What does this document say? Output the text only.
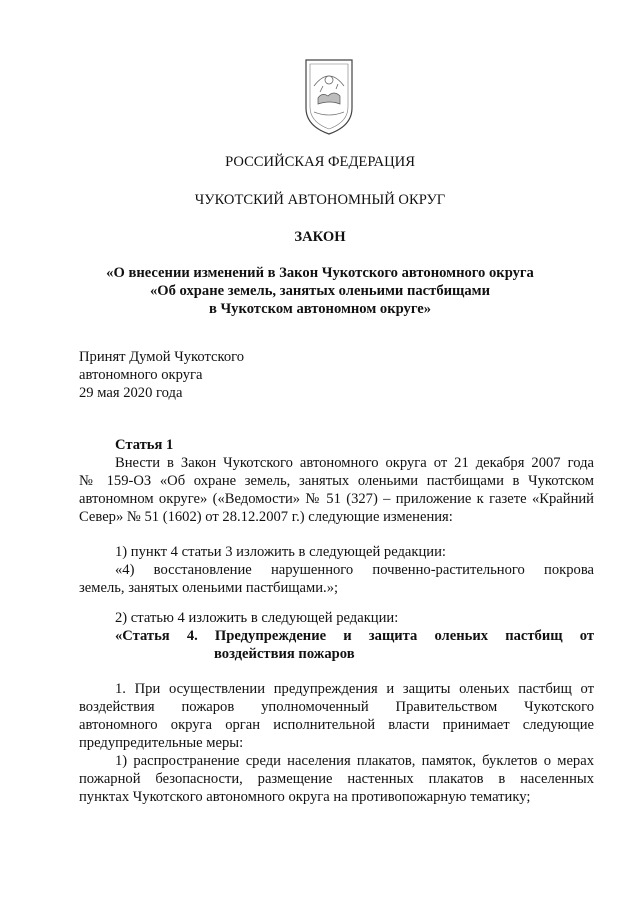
РОССИЙСКАЯ ФЕДЕРАЦИЯ
ЧУКОТСКИЙ АВТОНОМНЫЙ ОКРУГ
ЗАКОН
«О внесении изменений в Закон Чукотского автономного округа
«Об охране земель, занятых оленьими пастбищами
в Чукотском автономном округе»
Принят Думой Чукотского
автономного округа
29 мая 2020 года
Статья 1
Внести в Закон Чукотского автономного округа от 21 декабря 2007 года
№ 159-ОЗ «Об охране земель, занятых оленьими пастбищами в Чукотском
автономном округе» («Ведомости» № 51 (327) – приложение к газете «Крайний
Север» № 51 (1602) от 28.12.2007 г.) следующие изменения:
1) пункт 4 статьи 3 изложить в следующей редакции:
«4) восстановление нарушенного почвенно-растительного покрова
земель, занятых оленьими пастбищами.»;
2) статью 4 изложить в следующей редакции:
«Статья 4. Предупреждение и защита оленьих пастбищ от
воздействия пожаров
1. При осуществлении предупреждения и защиты оленьих пастбищ от
воздействия пожаров уполномоченный Правительством Чукотского
автономного округа орган исполнительной власти принимает следующие
предупредительные меры:
1) распространение среди населения плакатов, памяток, буклетов о мерах
пожарной безопасности, размещение настенных плакатов в населенных
пунктах Чукотского автономного округа на противопожарную тематику;
